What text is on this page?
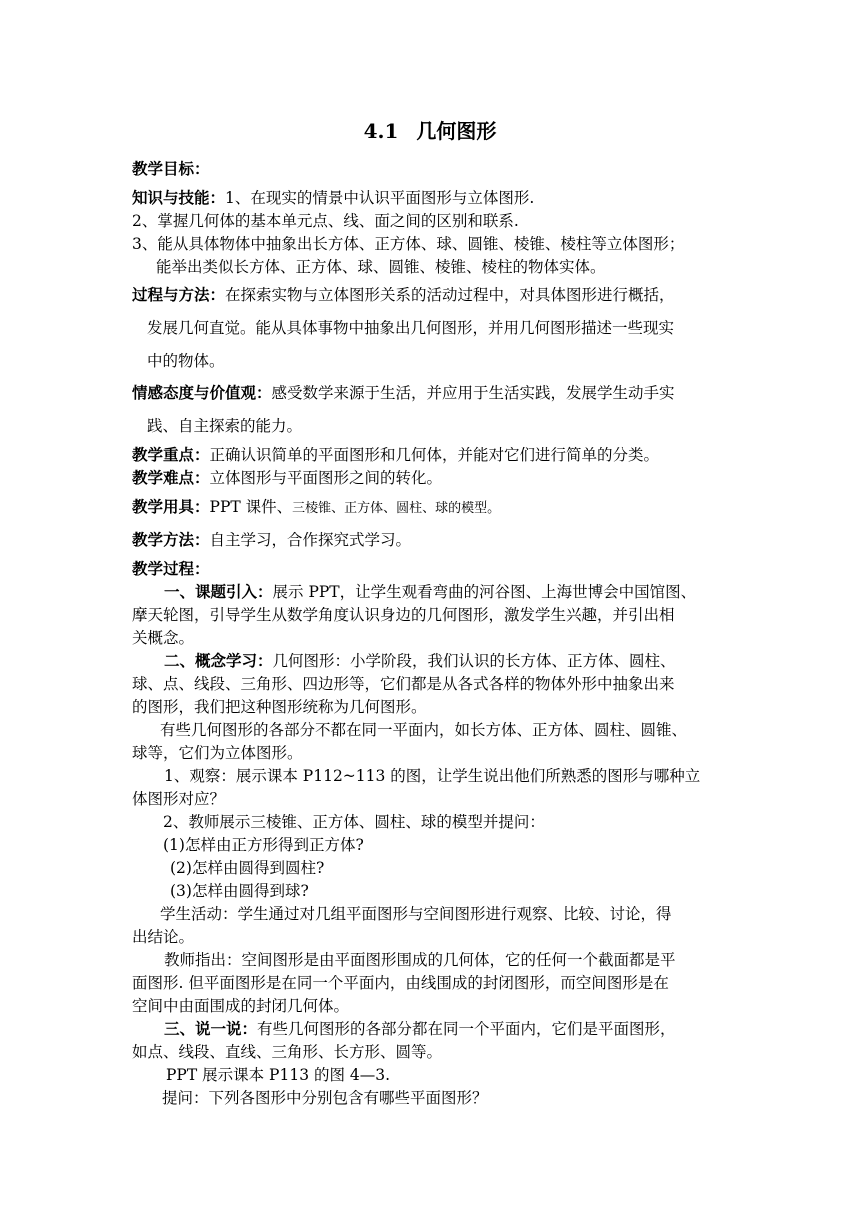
4.1 几何图形
教学目标：
知识与技能：1、在现实的情景中认识平面图形与立体图形.
2、掌握几何体的基本单元点、线、面之间的区别和联系.
3、能从具体物体中抽象出长方体、正方体、球、圆锥、棱锥、棱柱等立体图形；
能举出类似长方体、正方体、球、圆锥、棱锥、棱柱的物体实体。
过程与方法：在探索实物与立体图形关系的活动过程中，对具体图形进行概括，
发展几何直觉。能从具体事物中抽象出几何图形，并用几何图形描述一些现实
中的物体。
情感态度与价值观：感受数学来源于生活，并应用于生活实践，发展学生动手实
践、自主探索的能力。
教学重点：正确认识简单的平面图形和几何体，并能对它们进行简单的分类。
教学难点：立体图形与平面图形之间的转化。
教学用具：PPT 课件、三棱锥、正方体、圆柱、球的模型。
教学方法：自主学习，合作探究式学习。
教学过程：
一、课题引入：展示 PPT，让学生观看弯曲的河谷图、上海世博会中国馆图、
摩天轮图，引导学生从数学角度认识身边的几何图形，激发学生兴趣，并引出相
关概念。
二、概念学习：几何图形：小学阶段，我们认识的长方体、正方体、圆柱、
球、点、线段、三角形、四边形等，它们都是从各式各样的物体外形中抽象出来
的图形，我们把这种图形统称为几何图形。
有些几何图形的各部分不都在同一平面内，如长方体、正方体、圆柱、圆锥、
球等，它们为立体图形。
1、观察：展示课本 P112~113 的图，让学生说出他们所熟悉的图形与哪种立
体图形对应？
2、教师展示三棱锥、正方体、圆柱、球的模型并提问：
(1)怎样由正方形得到正方体?
(2)怎样由圆得到圆柱?
(3)怎样由圆得到球?
学生活动：学生通过对几组平面图形与空间图形进行观察、比较、讨论，得
出结论。
教师指出：空间图形是由平面图形围成的几何体，它的任何一个截面都是平
面图形. 但平面图形是在同一个平面内，由线围成的封闭图形，而空间图形是在
空间中由面围成的封闭几何体。
三、说一说：有些几何图形的各部分都在同一个平面内，它们是平面图形，
如点、线段、直线、三角形、长方形、圆等。
PPT 展示课本 P113 的图 4—3.
提问：下列各图形中分别包含有哪些平面图形？
